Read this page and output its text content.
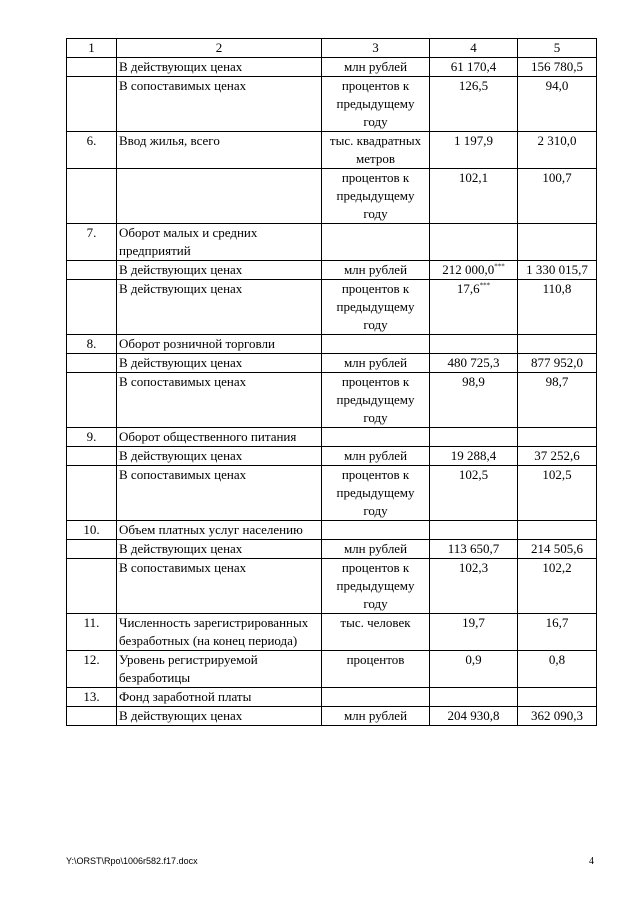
1	2	3	4	5
	В действующих ценах	млн рублей	61 170,4	156 780,5
	В сопоставимых ценах	процентов к предыдущему году	126,5	94,0
6.	Ввод жилья, всего	тыс. квадратных метров	1 197,9	2 310,0
		процентов к предыдущему году	102,1	100,7
7.	Оборот малых и средних предприятий			
	В действующих ценах	млн рублей	212 000,0***	1 330 015,7
	В действующих ценах	процентов к предыдущему году	17,6***	110,8
8.	Оборот розничной торговли			
	В действующих ценах	млн рублей	480 725,3	877 952,0
	В сопоставимых ценах	процентов к предыдущему году	98,9	98,7
9.	Оборот общественного питания			
	В действующих ценах	млн рублей	19 288,4	37 252,6
	В сопоставимых ценах	процентов к предыдущему году	102,5	102,5
10.	Объем платных услуг населению			
	В действующих ценах	млн рублей	113 650,7	214 505,6
	В сопоставимых ценах	процентов к предыдущему году	102,3	102,2
11.	Численность зарегистрированных безработных (на конец периода)	тыс. человек	19,7	16,7
12.	Уровень регистрируемой безработицы	процентов	0,9	0,8
13.	Фонд заработной платы			
	В действующих ценах	млн рублей	204 930,8	362 090,3
Y:\ORST\Rpo\1006r582.f17.docx	4
